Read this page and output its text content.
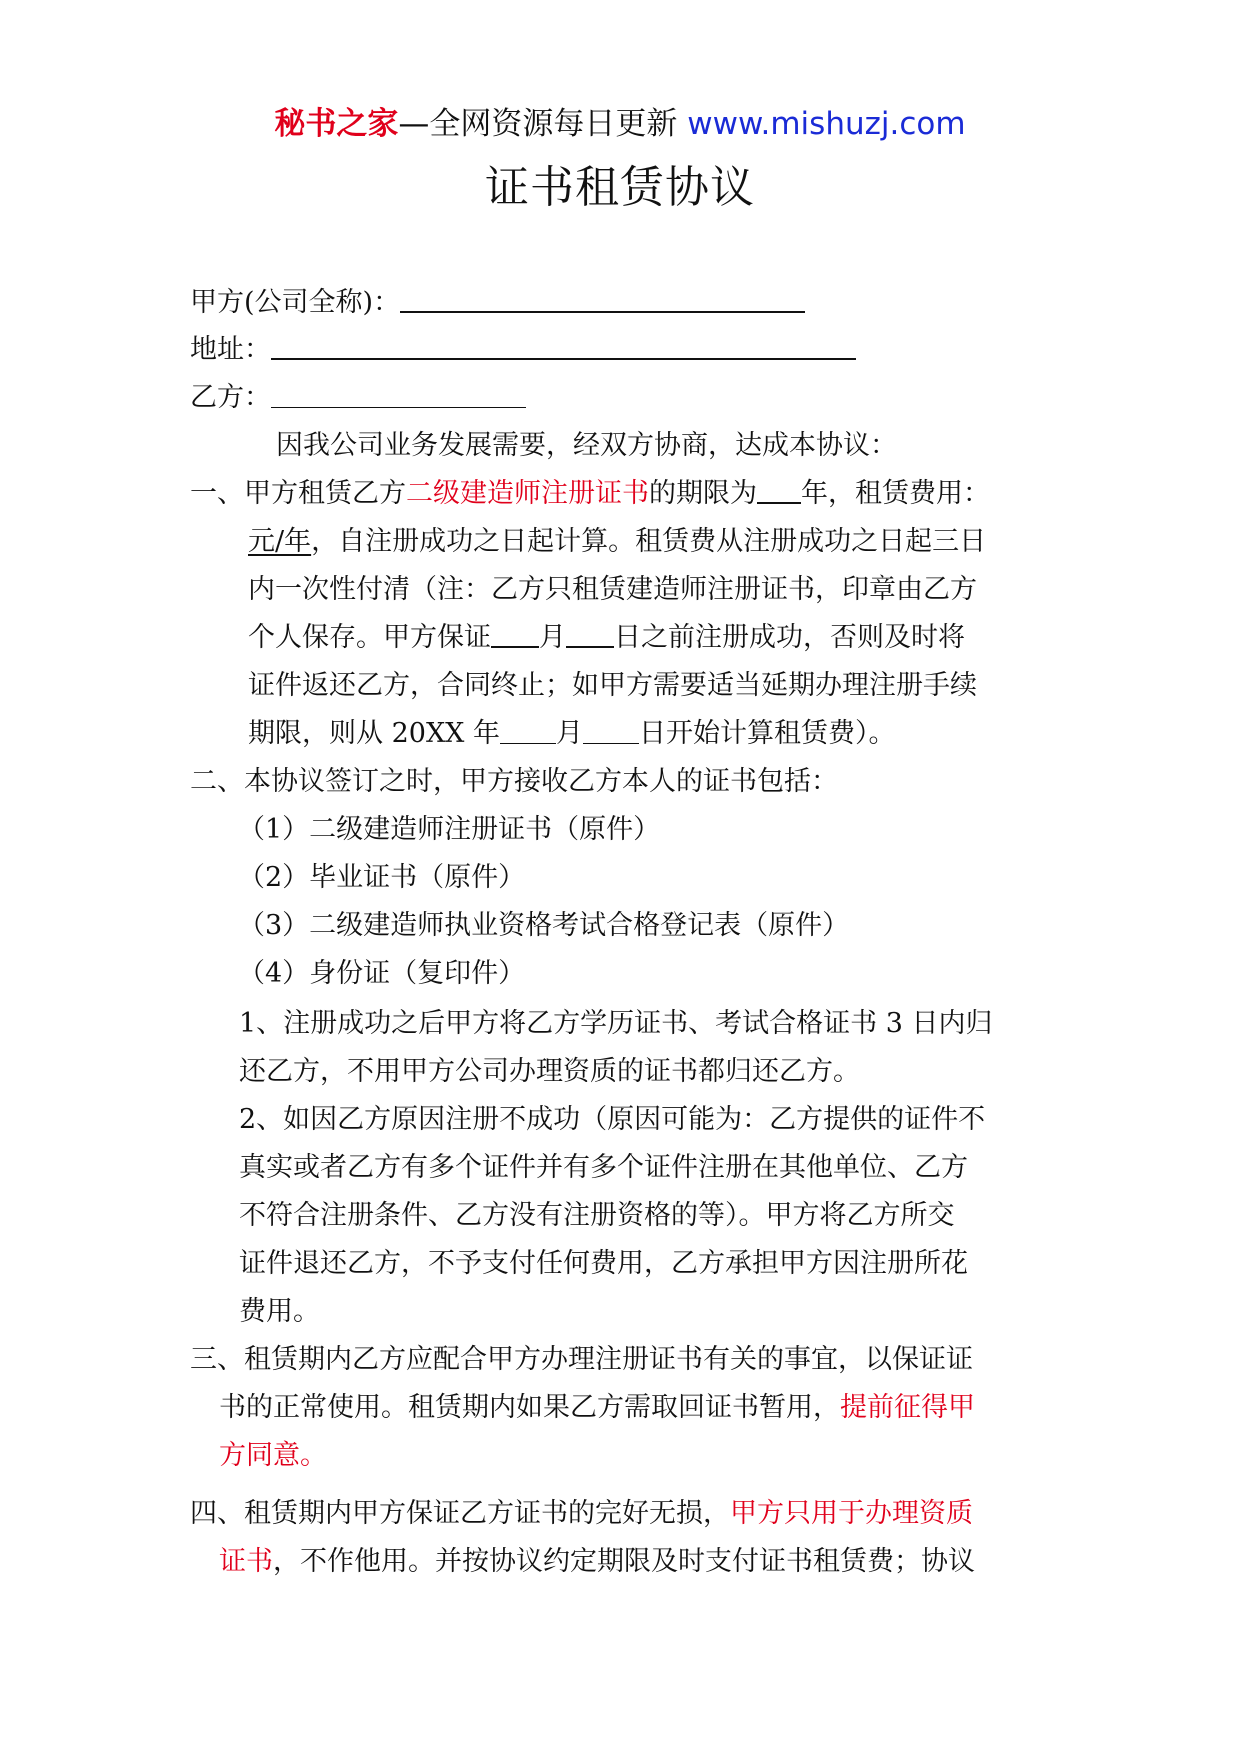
秘书之家—全网资源每日更新 www.mishuzj.com
证书租赁协议
甲方(公司全称)：
地址：
乙方：
因我公司业务发展需要，经双方协商，达成本协议：
一、甲方租赁乙方二级建造师注册证书的期限为 年，租赁费用：
元/年，自注册成功之日起计算。租赁费从注册成功之日起三日
内一次性付清（注：乙方只租赁建造师注册证书，印章由乙方
个人保存。甲方保证 月 日之前注册成功，否则及时将
证件返还乙方，合同终止；如甲方需要适当延期办理注册手续
期限，则从 20XX 年 月 日开始计算租赁费）。
二、本协议签订之时，甲方接收乙方本人的证书包括：
（1）二级建造师注册证书（原件）
（2）毕业证书（原件）
（3）二级建造师执业资格考试合格登记表（原件）
（4）身份证（复印件）
1、注册成功之后甲方将乙方学历证书、考试合格证书 3 日内归
还乙方，不用甲方公司办理资质的证书都归还乙方。
2、如因乙方原因注册不成功（原因可能为：乙方提供的证件不
真实或者乙方有多个证件并有多个证件注册在其他单位、乙方
不符合注册条件、乙方没有注册资格的等）。甲方将乙方所交
证件退还乙方，不予支付任何费用，乙方承担甲方因注册所花
费用。
三、租赁期内乙方应配合甲方办理注册证书有关的事宜，以保证证
书的正常使用。租赁期内如果乙方需取回证书暂用，提前征得甲
方同意。
四、租赁期内甲方保证乙方证书的完好无损，甲方只用于办理资质
证书，不作他用。并按协议约定期限及时支付证书租赁费；协议
